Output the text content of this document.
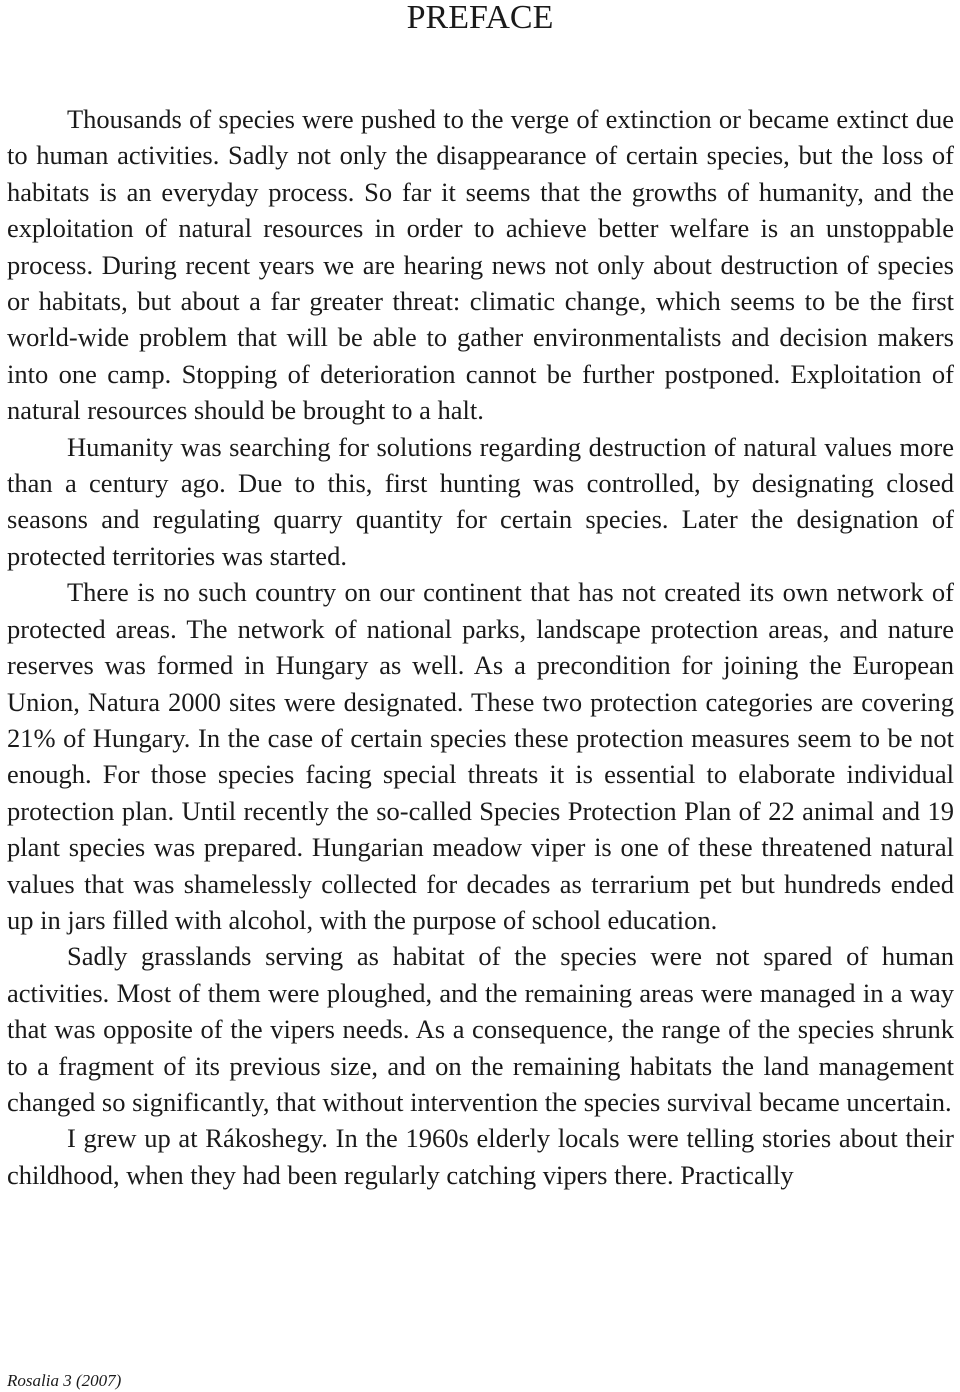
PREFACE

Thousands of species were pushed to the verge of extinction or became extinct due to human activities. Sadly not only the disappearance of certain species, but the loss of habitats is an everyday process. So far it seems that the growths of humanity, and the exploitation of natural resources in order to achieve better welfare is an unstoppable process. During recent years we are hearing news not only about destruction of species or habitats, but about a far greater threat: climatic change, which seems to be the first world-wide problem that will be able to gather environmentalists and decision makers into one camp. Stopping of deterioration cannot be further postponed. Exploitation of natural resources should be brought to a halt.

Humanity was searching for solutions regarding destruction of natural values more than a century ago. Due to this, first hunting was controlled, by designating closed seasons and regulating quarry quantity for certain species. Later the designation of protected territories was started.

There is no such country on our continent that has not created its own network of protected areas. The network of national parks, landscape protection areas, and nature reserves was formed in Hungary as well. As a precondition for joining the European Union, Natura 2000 sites were designated. These two protection categories are covering 21% of Hungary. In the case of certain species these protection measures seem to be not enough. For those species facing special threats it is essential to elaborate individual protection plan. Until recently the so-called Species Protection Plan of 22 animal and 19 plant species was prepared. Hungarian meadow viper is one of these threatened natural values that was shamelessly collected for decades as terrarium pet but hundreds ended up in jars filled with alcohol, with the purpose of school education.

Sadly grasslands serving as habitat of the species were not spared of human activities. Most of them were ploughed, and the remaining areas were managed in a way that was opposite of the vipers needs. As a consequence, the range of the species shrunk to a fragment of its previous size, and on the remaining habitats the land management changed so significantly, that without intervention the species survival became uncertain.

I grew up at Rákoshegy. In the 1960s elderly locals were telling stories about their childhood, when they had been regularly catching vipers there. Practically

Rosalia 3 (2007)
